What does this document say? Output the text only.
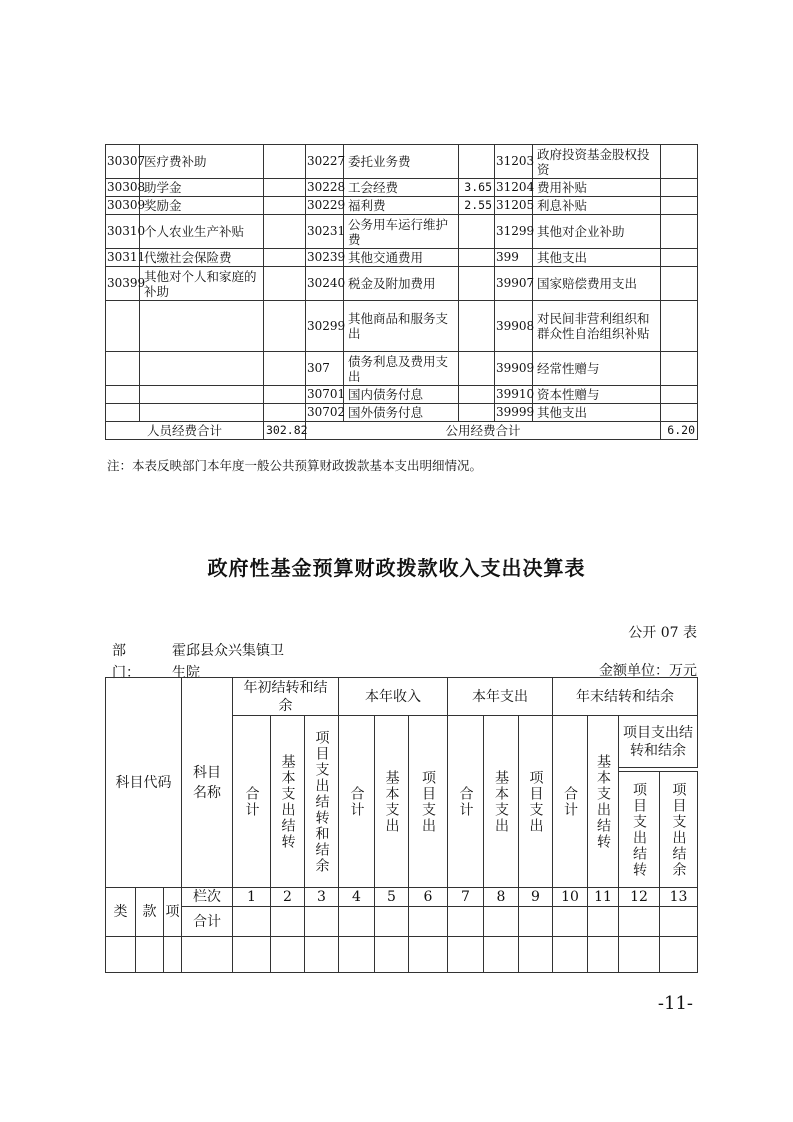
30307	医疗费补助		30227	委托业务费		31203	政府投资基金股权投资	
30308	助学金		30228	工会经费	3.65	31204	费用补贴	
30309	奖励金		30229	福利费	2.55	31205	利息补贴	
30310	个人农业生产补贴		30231	公务用车运行维护费		31299	其他对企业补助	
30311	代缴社会保险费		30239	其他交通费用		399	其他支出	
30399	其他对个人和家庭的补助		30240	税金及附加费用		39907	国家赔偿费用支出	
			30299	其他商品和服务支出		39908	对民间非营利组织和群众性自治组织补贴	
			307	债务利息及费用支出		39909	经常性赠与	
			30701	国内债务付息		39910	资本性赠与	
			30702	国外债务付息		39999	其他支出	
人员经费合计		302.82	公用经费合计					6.20
注：本表反映部门本年度一般公共预算财政拨款基本支出明细情况。
政府性基金预算财政拨款收入支出决算表
公开 07 表
部门：
霍邱县众兴集镇卫生院	金额单位：万元
科目代码			科目名称	年初结转和结余			本年收入			本年支出			年末结转和结余			

				合计	基本支出结转	项目支出结转和结余	合计	基本支出	项目支出	合计	基本支出	项目支出	合计	基本支出结转	项目支出结转和结余	

															项目支出结转	项目支出结余

类	款	项	栏次	1	2	3	4	5	6	7	8	9	10	11	12	13
			合计													

-11-
